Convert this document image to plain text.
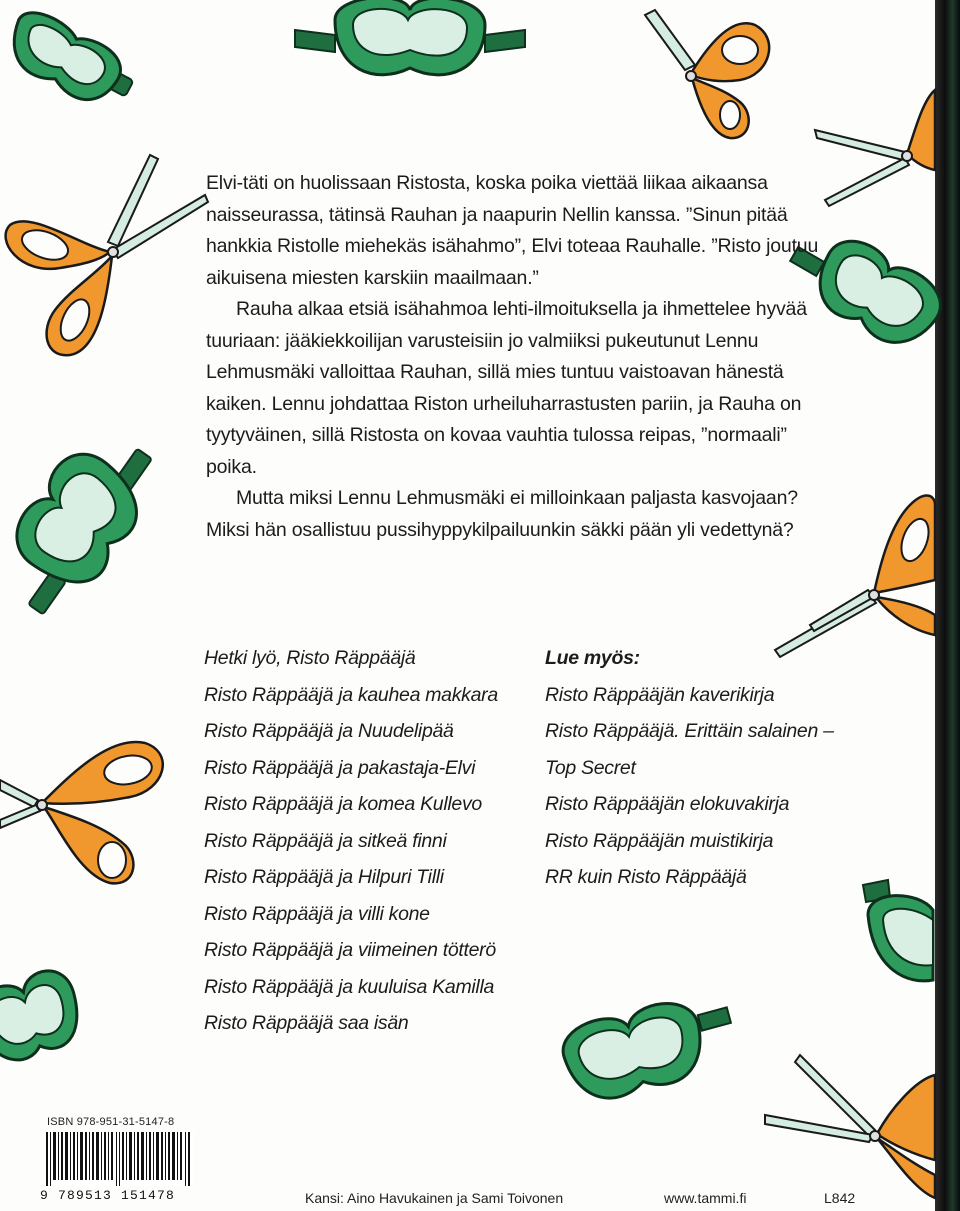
Elvi-täti on huolissaan Ristosta, koska poika viettää liikaa aikaansa naisseurassa, tätinsä Rauhan ja naapurin Nellin kanssa. ”Sinun pitää hankkia Ristolle miehekäs isähahmo”, Elvi toteaa Rauhalle. ”Risto joutuu aikuisena miesten karskiin maailmaan.”

Rauha alkaa etsiä isähahmoa lehti-ilmoituksella ja ihmettelee hyvää tuuriaan: jääkiekkoilijan varusteisiin jo valmiiksi pukeutunut Lennu Lehmusmäki valloittaa Rauhan, sillä mies tuntuu vaistoavan hänestä kaiken. Lennu johdattaa Riston urheiluharrastusten pariin, ja Rauha on tyytyväinen, sillä Ristosta on kovaa vauhtia tulossa reipas, ”normaali” poika.

Mutta miksi Lennu Lehmusmäki ei milloinkaan paljasta kasvojaan? Miksi hän osallistuu pussihyppykilpailuunkin säkki pään yli vedettynä?

Hetki lyö, Risto Räppääjä
Risto Räppääjä ja kauhea makkara
Risto Räppääjä ja Nuudelipää
Risto Räppääjä ja pakastaja-Elvi
Risto Räppääjä ja komea Kullevo
Risto Räppääjä ja sitkeä finni
Risto Räppääjä ja Hilpuri Tilli
Risto Räppääjä ja villi kone
Risto Räppääjä ja viimeinen tötterö
Risto Räppääjä ja kuuluisa Kamilla
Risto Räppääjä saa isän
Lue myös:
Risto Räppääjän kaverikirja
Risto Räppääjä. Erittäin salainen –
Top Secret
Risto Räppääjän elokuvakirja
Risto Räppääjän muistikirja
RR kuin Risto Räppääjä
ISBN 978-951-31-5147-8
9 789513 151478	Kansi: Aino Havukainen ja Sami Toivonen	www.tammi.fi	L842
